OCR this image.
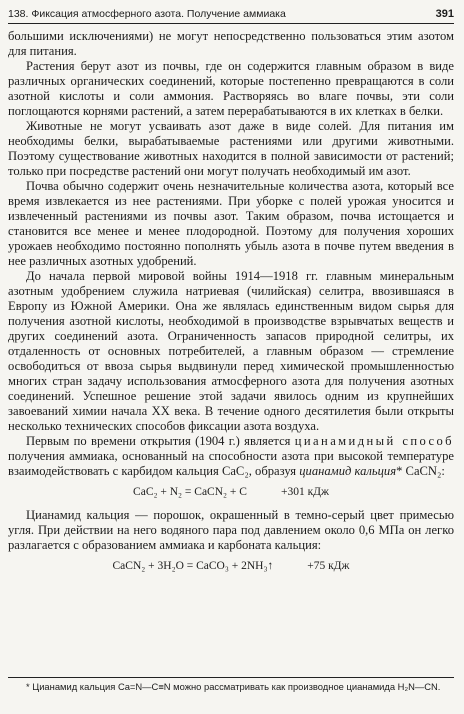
138. Фиксация атмосферного азота. Получение аммиака	391

большими исключениями) не могут непосредственно пользоваться этим азотом для питания.

Растения берут азот из почвы, где он содержится главным образом в виде различных органических соединений, которые постепенно превращаются в соли азотной кислоты и соли аммония. Растворяясь во влаге почвы, эти соли поглощаются корнями растений, а затем перерабатываются в их клетках в белки.

Животные не могут усваивать азот даже в виде солей. Для питания им необходимы белки, вырабатываемые растениями или другими животными. Поэтому существование животных находится в полной зависимости от растений; только при посредстве растений они могут получать необходимый им азот.

Почва обычно содержит очень незначительные количества азота, который все время извлекается из нее растениями. При уборке с полей урожая уносится и извлеченный растениями из почвы азот. Таким образом, почва истощается и становится все менее и менее плодородной. Поэтому для получения хороших урожаев необходимо постоянно пополнять убыль азота в почве путем введения в нее различных азотных удобрений.

До начала первой мировой войны 1914—1918 гг. главным минеральным азотным удобрением служила натриевая (чилийская) селитра, ввозившаяся в Европу из Южной Америки. Она же являлась единственным видом сырья для получения азотной кислоты, необходимой в производстве взрывчатых веществ и других соединений азота. Ограниченность запасов природной селитры, их отдаленность от основных потребителей, а главным образом — стремление освободиться от ввоза сырья выдвинули перед химической промышленностью многих стран задачу использования атмосферного азота для получения азотных соединений. Успешное решение этой задачи явилось одним из крупнейших завоеваний химии начала XX века. В течение одного десятилетия были открыты несколько технических способов фиксации азота воздуха.

Первым по времени открытия (1904 г.) является цианамидный способ получения аммиака, основанный на способности азота при высокой температуре взаимодействовать с карбидом кальция CaC₂, образуя цианамид кальция* CaCN₂:

CaC₂ + N₂ = CaCN₂ + C	+301 кДж

Цианамид кальция — порошок, окрашенный в темно-серый цвет примесью угля. При действии на него водяного пара под давлением около 0,6 МПа он легко разлагается с образованием аммиака и карбоната кальция:

CaCN₂ + 3H₂O = CaCO₃ + 2NH₃↑	+75 кДж

* Цианамид кальция Ca=N—C≡N можно рассматривать как производное цианамида H₂N—CN.
